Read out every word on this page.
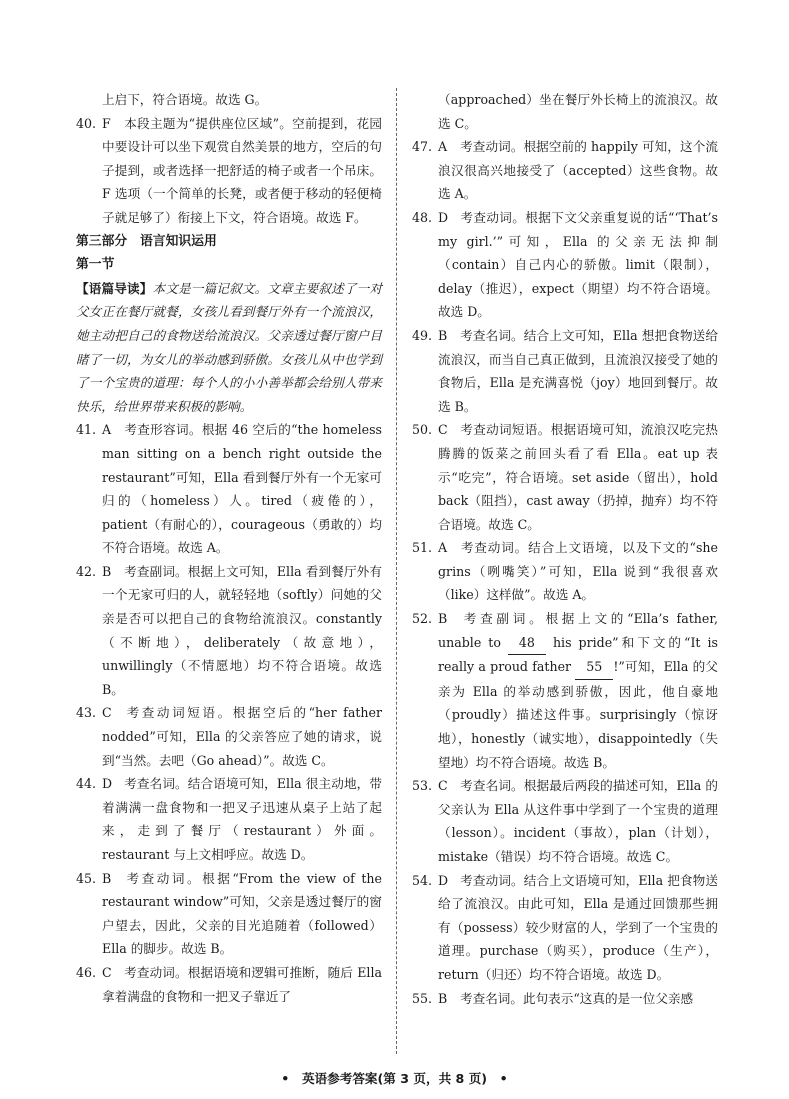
上启下，符合语境。故选 G。
40. F 本段主题为“提供座位区域”。空前提到，花园中要设计可以坐下观赏自然美景的地方，空后的句子提到，或者选择一把舒适的椅子或者一个吊床。F 选项（一个简单的长凳，或者便于移动的轻便椅子就足够了）衔接上下文，符合语境。故选 F。
第三部分　语言知识运用
第一节
【语篇导读】本文是一篇记叙文。文章主要叙述了一对父女正在餐厅就餐，女孩儿看到餐厅外有一个流浪汉，她主动把自己的食物送给流浪汉。父亲透过餐厅窗户目睹了一切，为女儿的举动感到骄傲。女孩儿从中也学到了一个宝贵的道理：每个人的小小善举都会给别人带来快乐，给世界带来积极的影响。
41. A 考查形容词。根据 46 空后的“the homeless man sitting on a bench right outside the restaurant”可知，Ella 看到餐厅外有一个无家可归的（homeless）人。tired（疲倦的），patient（有耐心的），courageous（勇敢的）均不符合语境。故选 A。
42. B 考查副词。根据上文可知，Ella 看到餐厅外有一个无家可归的人，就轻轻地（softly）问她的父亲是否可以把自己的食物给流浪汉。constantly（不断地），deliberately（故意地），unwillingly（不情愿地）均不符合语境。故选 B。
43. C 考查动词短语。根据空后的“her father nodded”可知，Ella 的父亲答应了她的请求，说到“当然。去吧（Go ahead）”。故选 C。
44. D 考查名词。结合语境可知，Ella 很主动地，带着满满一盘食物和一把叉子迅速从桌子上站了起来，走到了餐厅（restaurant）外面。restaurant 与上文相呼应。故选 D。
45. B 考查动词。根据“From the view of the restaurant window”可知，父亲是透过餐厅的窗户望去，因此，父亲的目光追随着（followed）Ella 的脚步。故选 B。
46. C 考查动词。根据语境和逻辑可推断，随后 Ella 拿着满盘的食物和一把叉子靠近了
（approached）坐在餐厅外长椅上的流浪汉。故选 C。
47. A 考查动词。根据空前的 happily 可知，这个流浪汉很高兴地接受了（accepted）这些食物。故选 A。
48. D 考查动词。根据下文父亲重复说的话“‘That’s my girl.’”可知，Ella 的父亲无法抑制（contain）自己内心的骄傲。limit（限制），delay（推迟），expect（期望）均不符合语境。故选 D。
49. B 考查名词。结合上文可知，Ella 想把食物送给流浪汉，而当自己真正做到，且流浪汉接受了她的食物后，Ella 是充满喜悦（joy）地回到餐厅。故选 B。
50. C 考查动词短语。根据语境可知，流浪汉吃完热腾腾的饭菜之前回头看了看 Ella。eat up 表示“吃完”，符合语境。set aside（留出），hold back（阻挡），cast away（扔掉，抛弃）均不符合语境。故选 C。
51. A 考查动词。结合上文语境，以及下文的“she grins（咧嘴笑）”可知，Ella 说到“我很喜欢（like）这样做”。故选 A。
52. B 考查副词。根据上文的“Ella’s father, unable to 48 his pride”和下文的“It is really a proud father 55 !”可知，Ella 的父亲为 Ella 的举动感到骄傲，因此，他自豪地（proudly）描述这件事。surprisingly（惊讶地），honestly（诚实地），disappointedly（失望地）均不符合语境。故选 B。
53. C 考查名词。根据最后两段的描述可知，Ella 的父亲认为 Ella 从这件事中学到了一个宝贵的道理（lesson）。incident（事故），plan（计划），mistake（错误）均不符合语境。故选 C。
54. D 考查动词。结合上文语境可知，Ella 把食物送给了流浪汉。由此可知，Ella 是通过回馈那些拥有（possess）较少财富的人，学到了一个宝贵的道理。purchase（购买），produce（生产），return（归还）均不符合语境。故选 D。
55. B 考查名词。此句表示“这真的是一位父亲感
•　英语参考答案(第 3 页，共 8 页)　•
